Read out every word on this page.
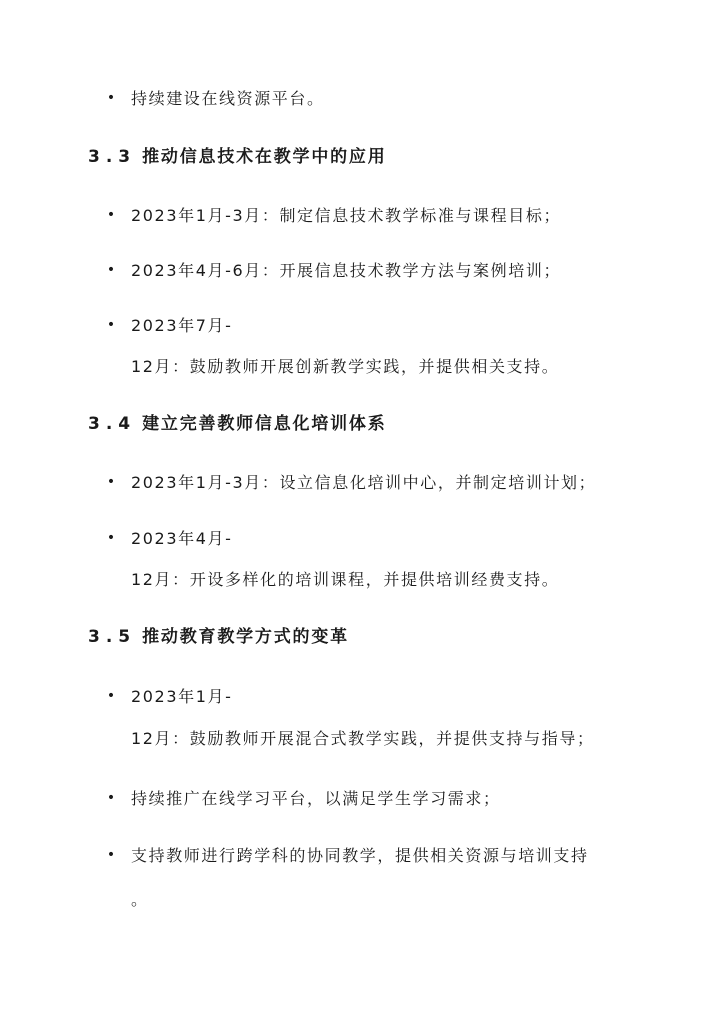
• 持续建设在线资源平台。
3.3 推动信息技术在教学中的应用
• 2023年1月-3月：制定信息技术教学标准与课程目标；
• 2023年4月-6月：开展信息技术教学方法与案例培训；
• 2023年7月-
12月：鼓励教师开展创新教学实践，并提供相关支持。
3.4 建立完善教师信息化培训体系
• 2023年1月-3月：设立信息化培训中心，并制定培训计划；
• 2023年4月-
12月：开设多样化的培训课程，并提供培训经费支持。
3.5 推动教育教学方式的变革
• 2023年1月-
12月：鼓励教师开展混合式教学实践，并提供支持与指导；
• 持续推广在线学习平台，以满足学生学习需求；
• 支持教师进行跨学科的协同教学，提供相关资源与培训支持
。
